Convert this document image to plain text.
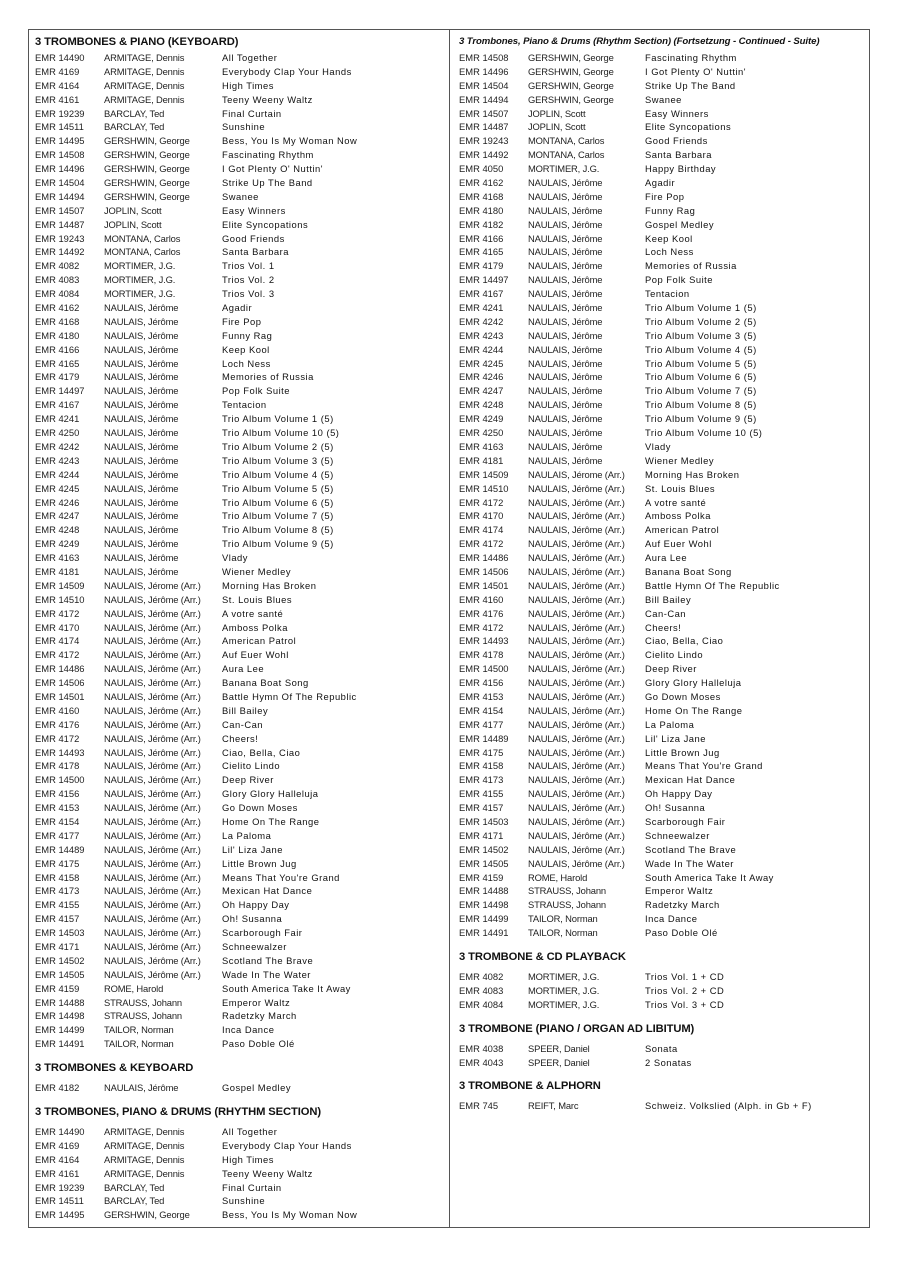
3 TROMBONES & PIANO (KEYBOARD)
EMR 14490	ARMITAGE, Dennis	All Together
EMR 4169	ARMITAGE, Dennis	Everybody Clap Your Hands
EMR 4164	ARMITAGE, Dennis	High Times
EMR 4161	ARMITAGE, Dennis	Teeny Weeny Waltz
EMR 19239	BARCLAY, Ted	Final Curtain
EMR 14511	BARCLAY, Ted	Sunshine
EMR 14495	GERSHWIN, George	Bess, You Is My Woman Now
EMR 14508	GERSHWIN, George	Fascinating Rhythm
EMR 14496	GERSHWIN, George	I Got Plenty O' Nuttin'
EMR 14504	GERSHWIN, George	Strike Up The Band
EMR 14494	GERSHWIN, George	Swanee
EMR 14507	JOPLIN, Scott	Easy Winners
EMR 14487	JOPLIN, Scott	Elite Syncopations
EMR 19243	MONTANA, Carlos	Good Friends
EMR 14492	MONTANA, Carlos	Santa Barbara
EMR 4082	MORTIMER, J.G.	Trios Vol. 1
EMR 4083	MORTIMER, J.G.	Trios Vol. 2
EMR 4084	MORTIMER, J.G.	Trios Vol. 3
EMR 4162	NAULAIS, Jérôme	Agadir
EMR 4168	NAULAIS, Jérôme	Fire Pop
EMR 4180	NAULAIS, Jérôme	Funny Rag
EMR 4166	NAULAIS, Jérôme	Keep Kool
EMR 4165	NAULAIS, Jérôme	Loch Ness
EMR 4179	NAULAIS, Jérôme	Memories of Russia
EMR 14497	NAULAIS, Jérôme	Pop Folk Suite
EMR 4167	NAULAIS, Jérôme	Tentacion
EMR 4241	NAULAIS, Jérôme	Trio Album Volume 1 (5)
EMR 4250	NAULAIS, Jérôme	Trio Album Volume 10 (5)
EMR 4242	NAULAIS, Jérôme	Trio Album Volume 2 (5)
EMR 4243	NAULAIS, Jérôme	Trio Album Volume 3 (5)
EMR 4244	NAULAIS, Jérôme	Trio Album Volume 4 (5)
EMR 4245	NAULAIS, Jérôme	Trio Album Volume 5 (5)
EMR 4246	NAULAIS, Jérôme	Trio Album Volume 6 (5)
EMR 4247	NAULAIS, Jérôme	Trio Album Volume 7 (5)
EMR 4248	NAULAIS, Jérôme	Trio Album Volume 8 (5)
EMR 4249	NAULAIS, Jérôme	Trio Album Volume 9 (5)
EMR 4163	NAULAIS, Jérôme	Vlady
EMR 4181	NAULAIS, Jérôme	Wiener Medley
EMR 14509	NAULAIS, Jérome (Arr.)	Morning Has Broken
EMR 14510	NAULAIS, Jérôme (Arr.)	St. Louis Blues
EMR 4172	NAULAIS, Jérôme (Arr.)	A votre santé
EMR 4170	NAULAIS, Jérôme (Arr.)	Amboss Polka
EMR 4174	NAULAIS, Jérôme (Arr.)	American Patrol
EMR 4172	NAULAIS, Jérôme (Arr.)	Auf Euer Wohl
EMR 14486	NAULAIS, Jérôme (Arr.)	Aura Lee
EMR 14506	NAULAIS, Jérôme (Arr.)	Banana Boat Song
EMR 14501	NAULAIS, Jérôme (Arr.)	Battle Hymn Of The Republic
EMR 4160	NAULAIS, Jérôme (Arr.)	Bill Bailey
EMR 4176	NAULAIS, Jérôme (Arr.)	Can-Can
EMR 4172	NAULAIS, Jérôme (Arr.)	Cheers!
EMR 14493	NAULAIS, Jérôme (Arr.)	Ciao, Bella, Ciao
EMR 4178	NAULAIS, Jérôme (Arr.)	Cielito Lindo
EMR 14500	NAULAIS, Jérôme (Arr.)	Deep River
EMR 4156	NAULAIS, Jérôme (Arr.)	Glory Glory Halleluja
EMR 4153	NAULAIS, Jérôme (Arr.)	Go Down Moses
EMR 4154	NAULAIS, Jérôme (Arr.)	Home On The Range
EMR 4177	NAULAIS, Jérôme (Arr.)	La Paloma
EMR 14489	NAULAIS, Jérôme (Arr.)	Lil' Liza Jane
EMR 4175	NAULAIS, Jérôme (Arr.)	Little Brown Jug
EMR 4158	NAULAIS, Jérôme (Arr.)	Means That You're Grand
EMR 4173	NAULAIS, Jérôme (Arr.)	Mexican Hat Dance
EMR 4155	NAULAIS, Jérôme (Arr.)	Oh Happy Day
EMR 4157	NAULAIS, Jérôme (Arr.)	Oh! Susanna
EMR 14503	NAULAIS, Jérôme (Arr.)	Scarborough Fair
EMR 4171	NAULAIS, Jérôme (Arr.)	Schneewalzer
EMR 14502	NAULAIS, Jérôme (Arr.)	Scotland The Brave
EMR 14505	NAULAIS, Jérôme (Arr.)	Wade In The Water
EMR 4159	ROME, Harold	South America Take It Away
EMR 14488	STRAUSS, Johann	Emperor Waltz
EMR 14498	STRAUSS, Johann	Radetzky March
EMR 14499	TAILOR, Norman	Inca Dance
EMR 14491	TAILOR, Norman	Paso Doble Olé
3 TROMBONES & KEYBOARD
EMR 4182	NAULAIS, Jérôme	Gospel Medley
3 TROMBONES, PIANO & DRUMS (RHYTHM SECTION)
EMR 14490	ARMITAGE, Dennis	All Together
EMR 4169	ARMITAGE, Dennis	Everybody Clap Your Hands
EMR 4164	ARMITAGE, Dennis	High Times
EMR 4161	ARMITAGE, Dennis	Teeny Weeny Waltz
EMR 19239	BARCLAY, Ted	Final Curtain
EMR 14511	BARCLAY, Ted	Sunshine
EMR 14495	GERSHWIN, George	Bess, You Is My Woman Now
3 Trombones, Piano & Drums (Rhythm Section) (Fortsetzung - Continued - Suite)
EMR 14508	GERSHWIN, George	Fascinating Rhythm
EMR 14496	GERSHWIN, George	I Got Plenty O' Nuttin'
EMR 14504	GERSHWIN, George	Strike Up The Band
EMR 14494	GERSHWIN, George	Swanee
EMR 14507	JOPLIN, Scott	Easy Winners
EMR 14487	JOPLIN, Scott	Elite Syncopations
EMR 19243	MONTANA, Carlos	Good Friends
EMR 14492	MONTANA, Carlos	Santa Barbara
EMR 4050	MORTIMER, J.G.	Happy Birthday
EMR 4162	NAULAIS, Jérôme	Agadir
EMR 4168	NAULAIS, Jérôme	Fire Pop
EMR 4180	NAULAIS, Jérôme	Funny Rag
EMR 4182	NAULAIS, Jérôme	Gospel Medley
EMR 4166	NAULAIS, Jérôme	Keep Kool
EMR 4165	NAULAIS, Jérôme	Loch Ness
EMR 4179	NAULAIS, Jérôme	Memories of Russia
EMR 14497	NAULAIS, Jérôme	Pop Folk Suite
EMR 4167	NAULAIS, Jérôme	Tentacion
EMR 4241	NAULAIS, Jérôme	Trio Album Volume 1 (5)
EMR 4242	NAULAIS, Jérôme	Trio Album Volume 2 (5)
EMR 4243	NAULAIS, Jérôme	Trio Album Volume 3 (5)
EMR 4244	NAULAIS, Jérôme	Trio Album Volume 4 (5)
EMR 4245	NAULAIS, Jérôme	Trio Album Volume 5 (5)
EMR 4246	NAULAIS, Jérôme	Trio Album Volume 6 (5)
EMR 4247	NAULAIS, Jérôme	Trio Album Volume 7 (5)
EMR 4248	NAULAIS, Jérôme	Trio Album Volume 8 (5)
EMR 4249	NAULAIS, Jérôme	Trio Album Volume 9 (5)
EMR 4250	NAULAIS, Jérôme	Trio Album Volume 10 (5)
EMR 4163	NAULAIS, Jérôme	Vlady
EMR 4181	NAULAIS, Jérôme	Wiener Medley
EMR 14509	NAULAIS, Jérome (Arr.)	Morning Has Broken
EMR 14510	NAULAIS, Jérôme (Arr.)	St. Louis Blues
EMR 4172	NAULAIS, Jérôme (Arr.)	A votre santé
EMR 4170	NAULAIS, Jérôme (Arr.)	Amboss Polka
EMR 4174	NAULAIS, Jérôme (Arr.)	American Patrol
EMR 4172	NAULAIS, Jérôme (Arr.)	Auf Euer Wohl
EMR 14486	NAULAIS, Jérôme (Arr.)	Aura Lee
EMR 14506	NAULAIS, Jérôme (Arr.)	Banana Boat Song
EMR 14501	NAULAIS, Jérôme (Arr.)	Battle Hymn Of The Republic
EMR 4160	NAULAIS, Jérôme (Arr.)	Bill Bailey
EMR 4176	NAULAIS, Jérôme (Arr.)	Can-Can
EMR 4172	NAULAIS, Jérôme (Arr.)	Cheers!
EMR 14493	NAULAIS, Jérôme (Arr.)	Ciao, Bella, Ciao
EMR 4178	NAULAIS, Jérôme (Arr.)	Cielito Lindo
EMR 14500	NAULAIS, Jérôme (Arr.)	Deep River
EMR 4156	NAULAIS, Jérôme (Arr.)	Glory Glory Halleluja
EMR 4153	NAULAIS, Jérôme (Arr.)	Go Down Moses
EMR 4154	NAULAIS, Jérôme (Arr.)	Home On The Range
EMR 4177	NAULAIS, Jérôme (Arr.)	La Paloma
EMR 14489	NAULAIS, Jérôme (Arr.)	Lil' Liza Jane
EMR 4175	NAULAIS, Jérôme (Arr.)	Little Brown Jug
EMR 4158	NAULAIS, Jérôme (Arr.)	Means That You're Grand
EMR 4173	NAULAIS, Jérôme (Arr.)	Mexican Hat Dance
EMR 4155	NAULAIS, Jérôme (Arr.)	Oh Happy Day
EMR 4157	NAULAIS, Jérôme (Arr.)	Oh! Susanna
EMR 14503	NAULAIS, Jérôme (Arr.)	Scarborough Fair
EMR 4171	NAULAIS, Jérôme (Arr.)	Schneewalzer
EMR 14502	NAULAIS, Jérôme (Arr.)	Scotland The Brave
EMR 14505	NAULAIS, Jérôme (Arr.)	Wade In The Water
EMR 4159	ROME, Harold	South America Take It Away
EMR 14488	STRAUSS, Johann	Emperor Waltz
EMR 14498	STRAUSS, Johann	Radetzky March
EMR 14499	TAILOR, Norman	Inca Dance
EMR 14491	TAILOR, Norman	Paso Doble Olé
3 TROMBONE & CD PLAYBACK
EMR 4082	MORTIMER, J.G.	Trios Vol. 1 + CD
EMR 4083	MORTIMER, J.G.	Trios Vol. 2 + CD
EMR 4084	MORTIMER, J.G.	Trios Vol. 3 + CD
3 TROMBONE (PIANO / ORGAN AD LIBITUM)
EMR 4038	SPEER, Daniel	Sonata
EMR 4043	SPEER, Daniel	2 Sonatas
3 TROMBONE & ALPHORN
EMR 745	REIFT, Marc	Schweiz. Volkslied (Alph. in Gb + F)
